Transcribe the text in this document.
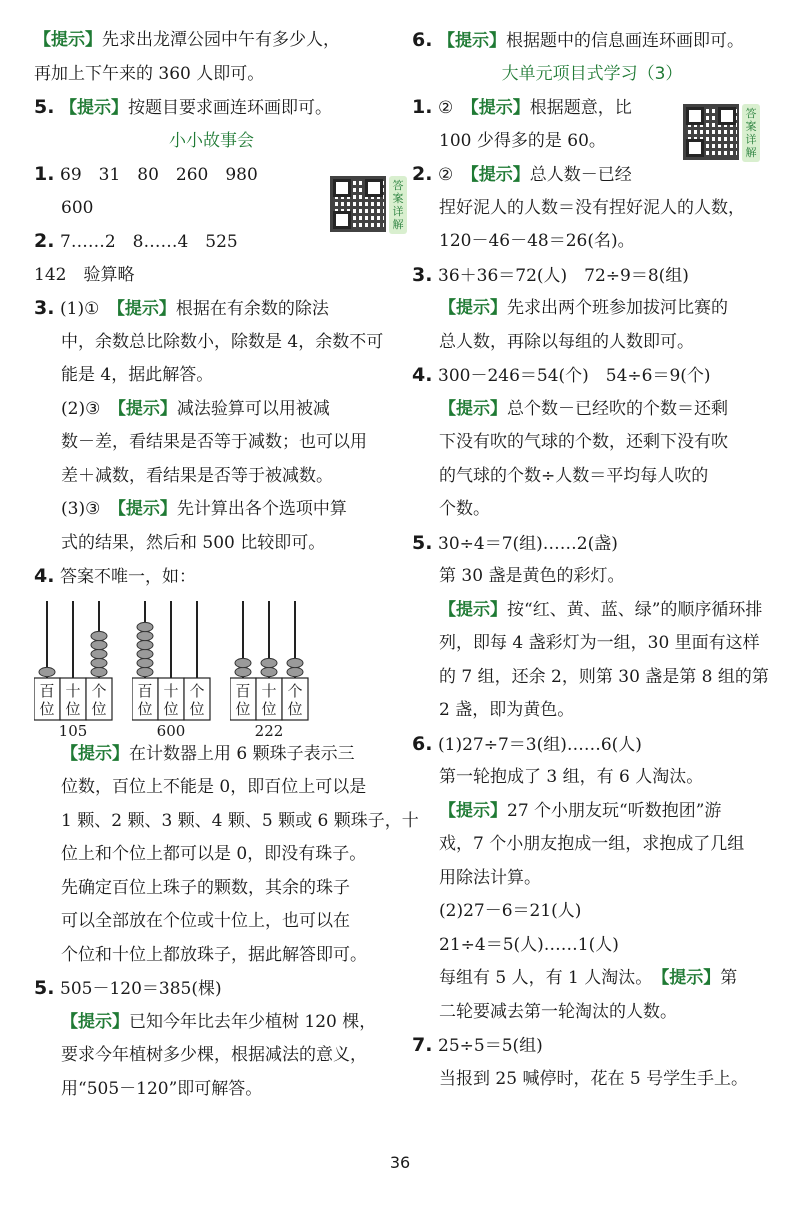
【提示】先求出龙潭公园中午有多少人，
再加上下午来的 360 人即可。
5. 【提示】按题目要求画连环画即可。
小小故事会
1. 69　31　80　260　980
600
2. 7……2　8……4　525
142　验算略
3. (1)①　 【提示】根据在有余数的除法
中，余数总比除数小，除数是 4，余数不可
能是 4，据此解答。
(2)③　 【提示】减法验算可以用被减
数－差，看结果是否等于减数；也可以用
差＋减数，看结果是否等于被减数。
(3)③　 【提示】先计算出各个选项中算
式的结果，然后和 500 比较即可。
4. 答案不唯一，如：
百
位
十
位
个
位
105
百
位
十
位
个
位
600
百
位
十
位
个
位
222
【提示】在计数器上用 6 颗珠子表示三
位数，百位上不能是 0，即百位上可以是
1 颗、2 颗、3 颗、4 颗、5 颗或 6 颗珠子，十
位上和个位上都可以是 0，即没有珠子。
先确定百位上珠子的颗数，其余的珠子
可以全部放在个位或十位上，也可以在
个位和十位上都放珠子，据此解答即可。
5. 505－120＝385(棵)
【提示】已知今年比去年少植树 120 棵，
要求今年植树多少棵，根据减法的意义，
用“505－120”即可解答。
答案详解
答案详解
6. 【提示】根据题中的信息画连环画即可。
大单元项目式学习（3）
1. ②　 【提示】根据题意，比
100 少得多的是 60。
2. ②　 【提示】总人数－已经
捏好泥人的人数＝没有捏好泥人的人数，
120－46－48＝26(名)。
3. 36＋36＝72(人)　72÷9＝8(组)
【提示】先求出两个班参加拔河比赛的
总人数，再除以每组的人数即可。
4. 300－246＝54(个)　54÷6＝9(个)
【提示】总个数－已经吹的个数＝还剩
下没有吹的气球的个数，还剩下没有吹
的气球的个数÷人数＝平均每人吹的
个数。
5. 30÷4＝7(组)……2(盏)
第 30 盏是黄色的彩灯。
【提示】按“红、黄、蓝、绿”的顺序循环排
列，即每 4 盏彩灯为一组，30 里面有这样
的 7 组，还余 2，则第 30 盏是第 8 组的第
2 盏，即为黄色。
6. (1)27÷7＝3(组)……6(人)
第一轮抱成了 3 组，有 6 人淘汰。
【提示】27 个小朋友玩“听数抱团”游
戏，7 个小朋友抱成一组，求抱成了几组
用除法计算。
(2)27－6＝21(人)
21÷4＝5(人)……1(人)
每组有 5 人，有 1 人淘汰。　 【提示】第
二轮要减去第一轮淘汰的人数。
7. 25÷5＝5(组)
当报到 25 喊停时，花在 5 号学生手上。
36
